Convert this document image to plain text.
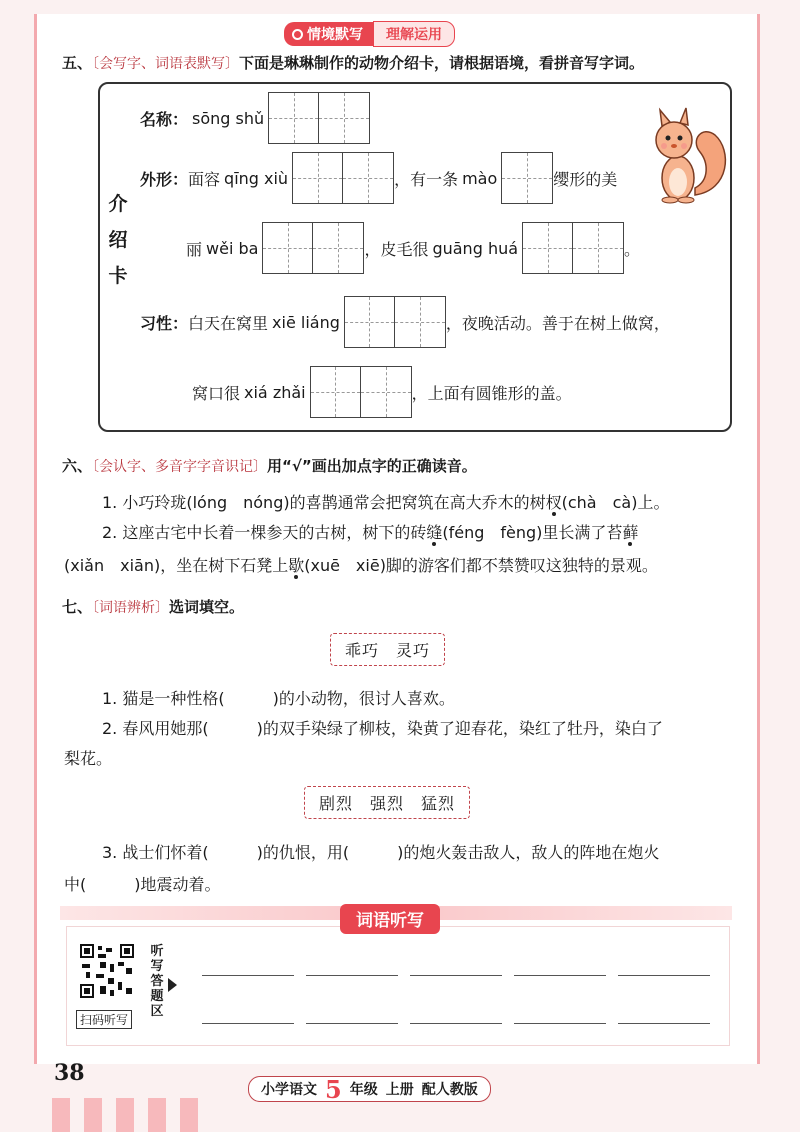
情境默写	理解运用
五、〔会写字、词语表默写〕下面是琳琳制作的动物介绍卡，请根据语境，看拼音写字词。
介
绍
卡
名称： sōng shǔ
外形： 面容 qīng xiù	，有一条 mào	缨形的美
丽 wěi ba	，皮毛很 guāng huá	。
习性： 白天在窝里 xiē liáng	，夜晚活动。善于在树上做窝，
窝口很 xiá zhǎi	，上面有圆锥形的盖。
六、〔会认字、多音字字音识记〕用“√”画出加点字的正确读音。
1. 小巧玲珑(lóng　nóng)的喜鹊通常会把窝筑在高大乔木的树杈(chà　cà)上。
2. 这座古宅中长着一棵参天的古树，树下的砖缝(féng　fèng)里长满了苔藓
(xiǎn　xiān)，坐在树下石凳上歇(xuē　xiē)脚的游客们都不禁赞叹这独特的景观。
七、〔词语辨析〕选词填空。
乖巧　灵巧
1. 猫是一种性格(　　　)的小动物，很讨人喜欢。
2. 春风用她那(　　　)的双手染绿了柳枝，染黄了迎春花，染红了牡丹，染白了
梨花。
剧烈　强烈　猛烈
3. 战士们怀着(　　　)的仇恨，用(　　　)的炮火轰击敌人，敌人的阵地在炮火
中(　　　)地震动着。
词语听写
扫码听写
听
写
答
题
区
38
小学语文 5 年级 上册 配人教版
